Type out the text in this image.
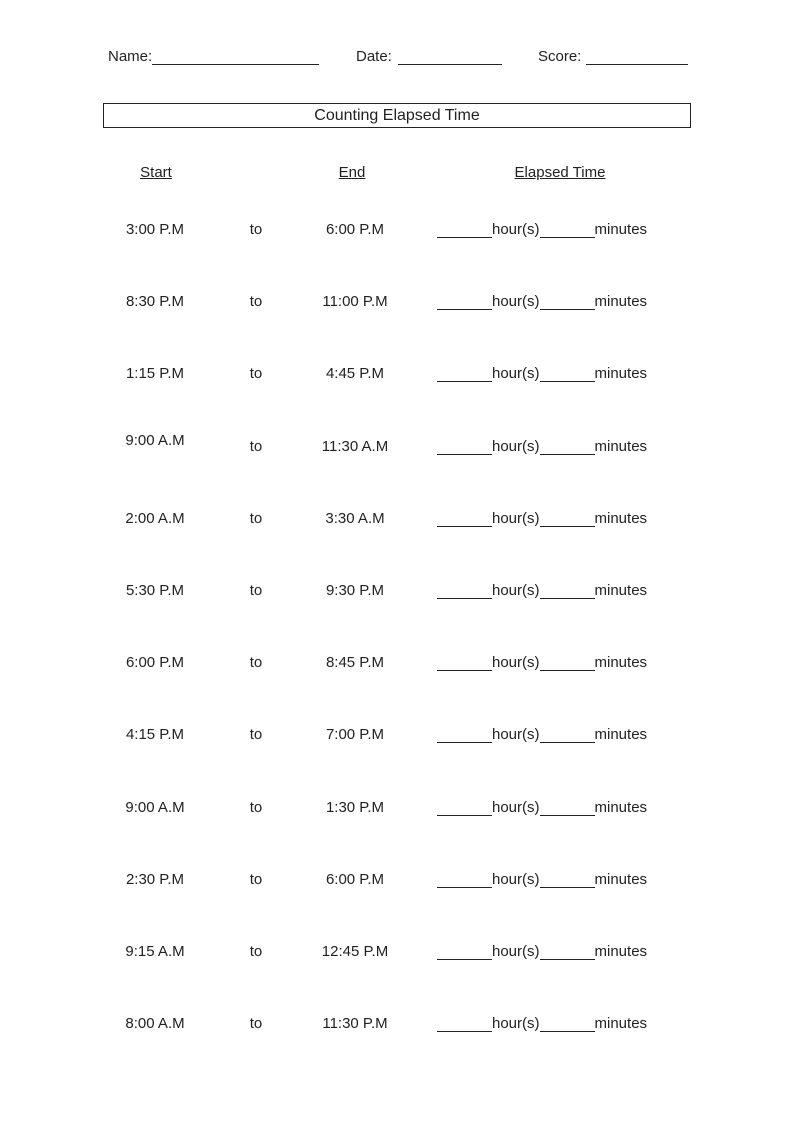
Name:	Date:	Score:
Counting Elapsed Time
Start	End	Elapsed Time
3:00 P.M	to	6:00 P.M	hour(s)	minutes
8:30 P.M	to	11:00 P.M	hour(s)	minutes
1:15 P.M	to	4:45 P.M	hour(s)	minutes
9:00 A.M	to	11:30 A.M	hour(s)	minutes
2:00 A.M	to	3:30 A.M	hour(s)	minutes
5:30 P.M	to	9:30 P.M	hour(s)	minutes
6:00 P.M	to	8:45 P.M	hour(s)	minutes
4:15 P.M	to	7:00 P.M	hour(s)	minutes
9:00 A.M	to	1:30 P.M	hour(s)	minutes
2:30 P.M	to	6:00 P.M	hour(s)	minutes
9:15 A.M	to	12:45 P.M	hour(s)	minutes
8:00 A.M	to	11:30 P.M	hour(s)	minutes
